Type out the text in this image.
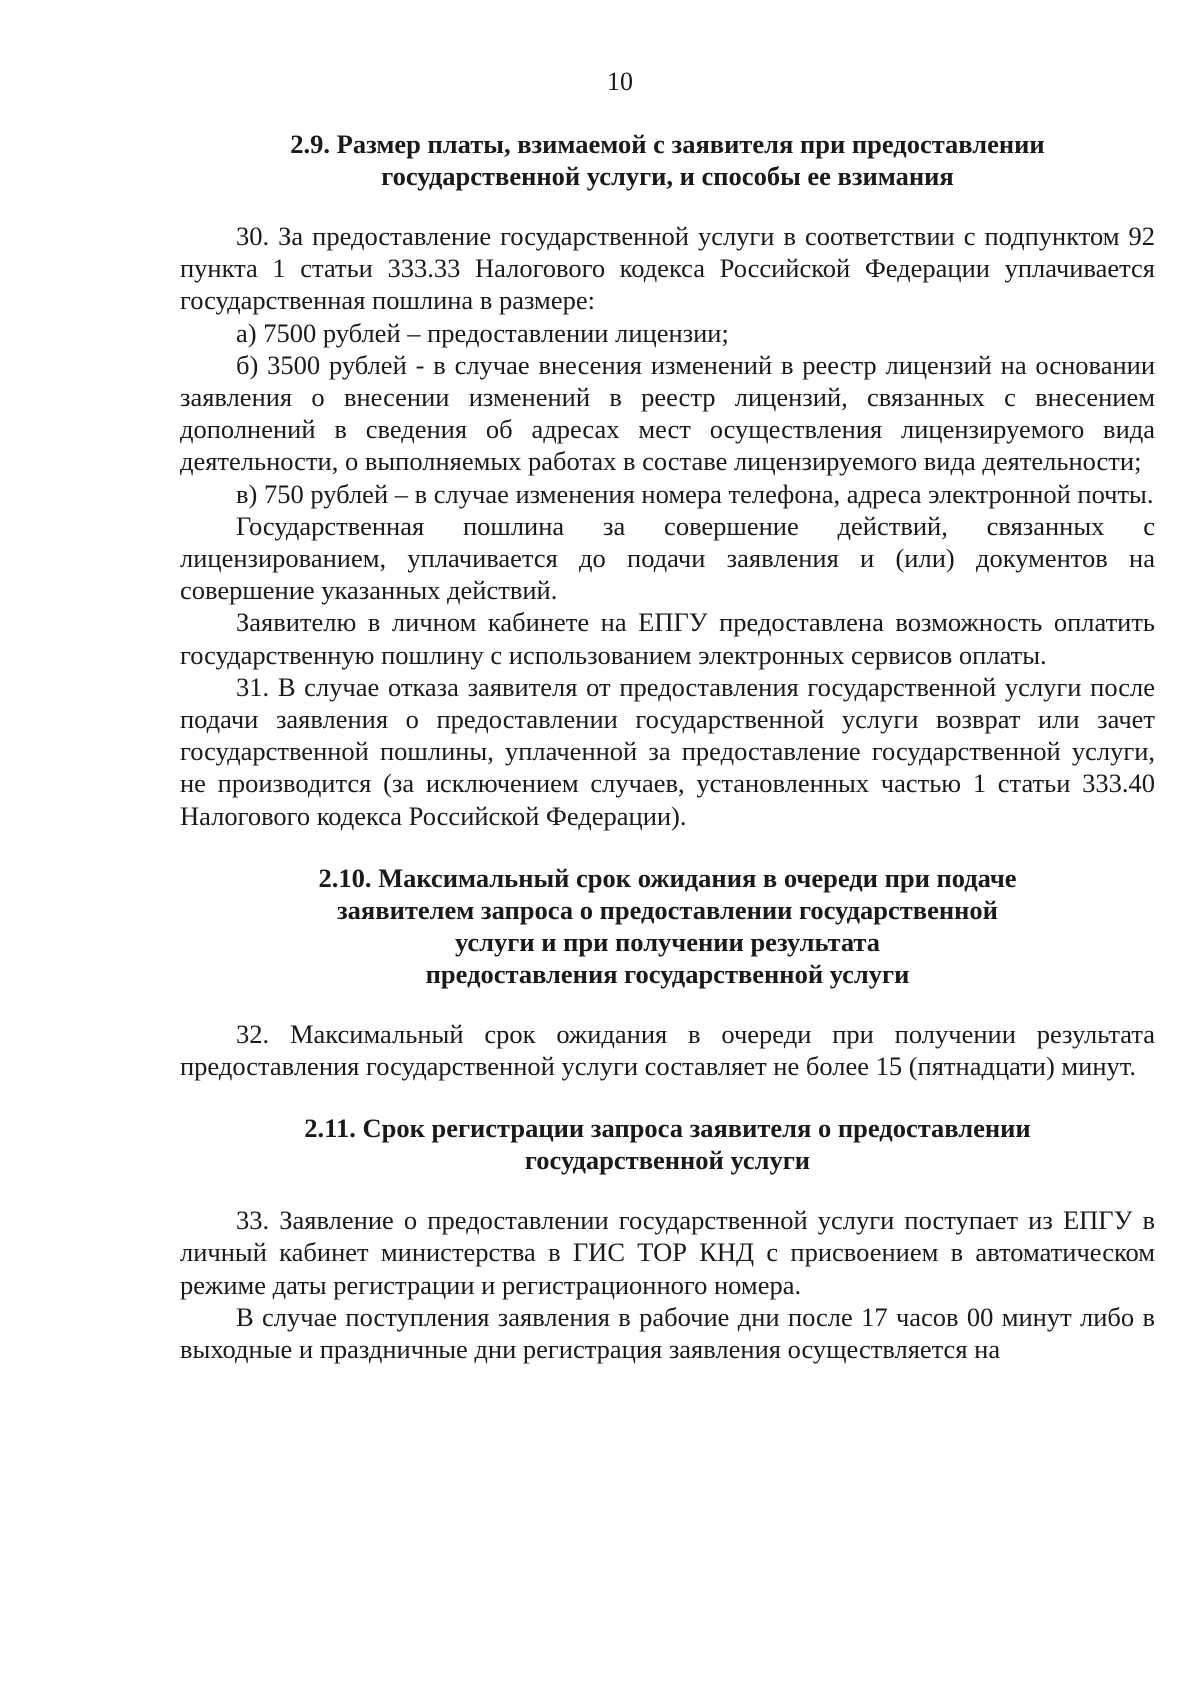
10
2.9. Размер платы, взимаемой с заявителя при предоставлении
государственной услуги, и способы ее взимания

30. За предоставление государственной услуги в соответствии с подпунктом 92 пункта 1 статьи 333.33 Налогового кодекса Российской Федерации уплачивается государственная пошлина в размере:

а) 7500 рублей – предоставлении лицензии;

б) 3500 рублей - в случае внесения изменений в реестр лицензий на основании заявления о внесении изменений в реестр лицензий, связанных с внесением дополнений в сведения об адресах мест осуществления лицензируемого вида деятельности, о выполняемых работах в составе лицензируемого вида деятельности;

в) 750 рублей – в случае изменения номера телефона, адреса электронной почты.

Государственная пошлина за совершение действий, связанных с лицензированием, уплачивается до подачи заявления и (или) документов на совершение указанных действий.

Заявителю в личном кабинете на ЕПГУ предоставлена возможность оплатить государственную пошлину с использованием электронных сервисов оплаты.

31. В случае отказа заявителя от предоставления государственной услуги после подачи заявления о предоставлении государственной услуги возврат или зачет государственной пошлины, уплаченной за предоставление государственной услуги, не производится (за исключением случаев, установленных частью 1 статьи 333.40 Налогового кодекса Российской Федерации).

2.10. Максимальный срок ожидания в очереди при подаче
заявителем запроса о предоставлении государственной
услуги и при получении результата
предоставления государственной услуги

32. Максимальный срок ожидания в очереди при получении результата предоставления государственной услуги составляет не более 15 (пятнадцати) минут.

2.11. Срок регистрации запроса заявителя о предоставлении
государственной услуги

33. Заявление о предоставлении государственной услуги поступает из ЕПГУ в личный кабинет министерства в ГИС ТОР КНД с присвоением в автоматическом режиме даты регистрации и регистрационного номера.

В случае поступления заявления в рабочие дни после 17 часов 00 минут либо в выходные и праздничные дни регистрация заявления осуществляется на
